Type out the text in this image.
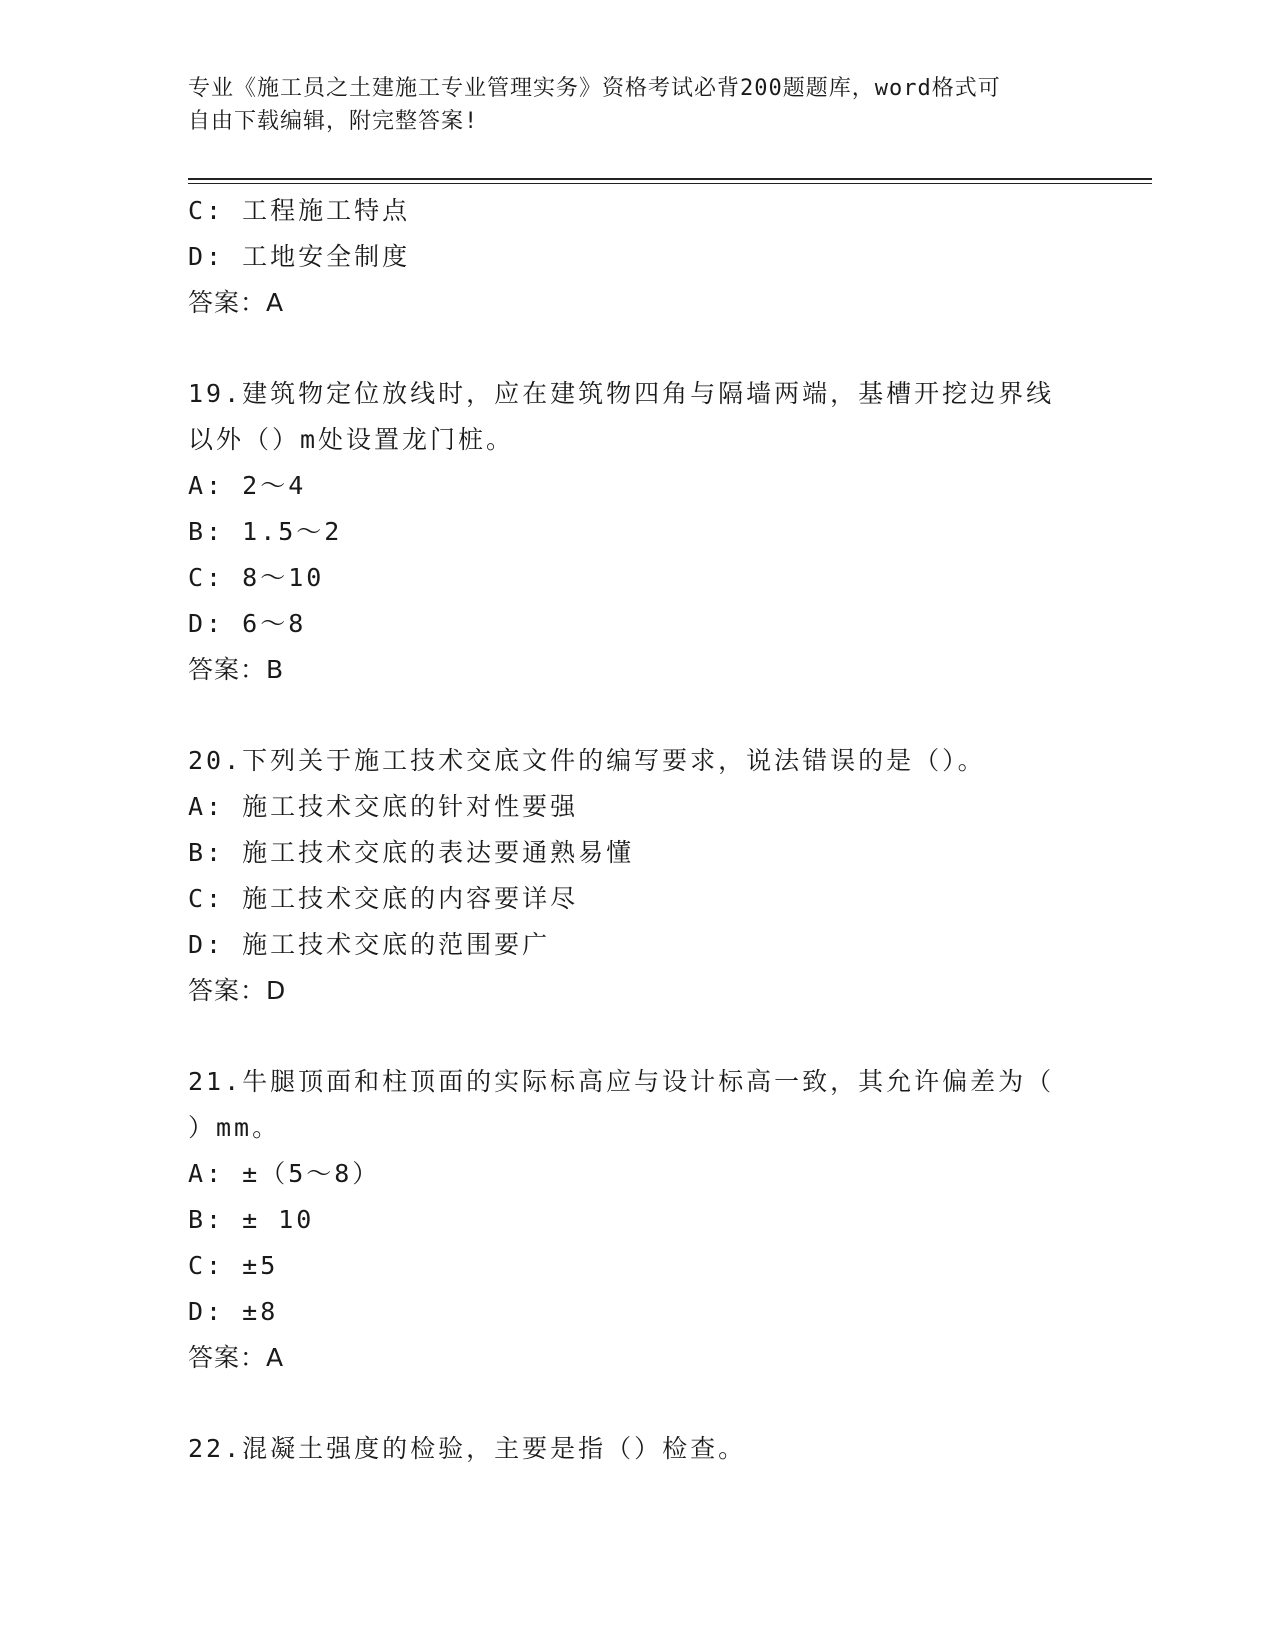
专业《施工员之土建施工专业管理实务》资格考试必背200题题库，word格式可
自由下载编辑，附完整答案!
C: 工程施工特点
D: 工地安全制度
答案：A
19.建筑物定位放线时，应在建筑物四角与隔墙两端，基槽开挖边界线
以外（）m处设置龙门桩。
A: 2～4
B: 1.5～2
C: 8～10
D: 6～8
答案：B
20.下列关于施工技术交底文件的编写要求，说法错误的是（）。
A: 施工技术交底的针对性要强
B: 施工技术交底的表达要通熟易懂
C: 施工技术交底的内容要详尽
D: 施工技术交底的范围要广
答案：D
21.牛腿顶面和柱顶面的实际标高应与设计标高一致，其允许偏差为（
）mm。
A: ±（5～8）
B: ± 10
C: ±5
D: ±8
答案：A
22.混凝土强度的检验，主要是指（）检查。
